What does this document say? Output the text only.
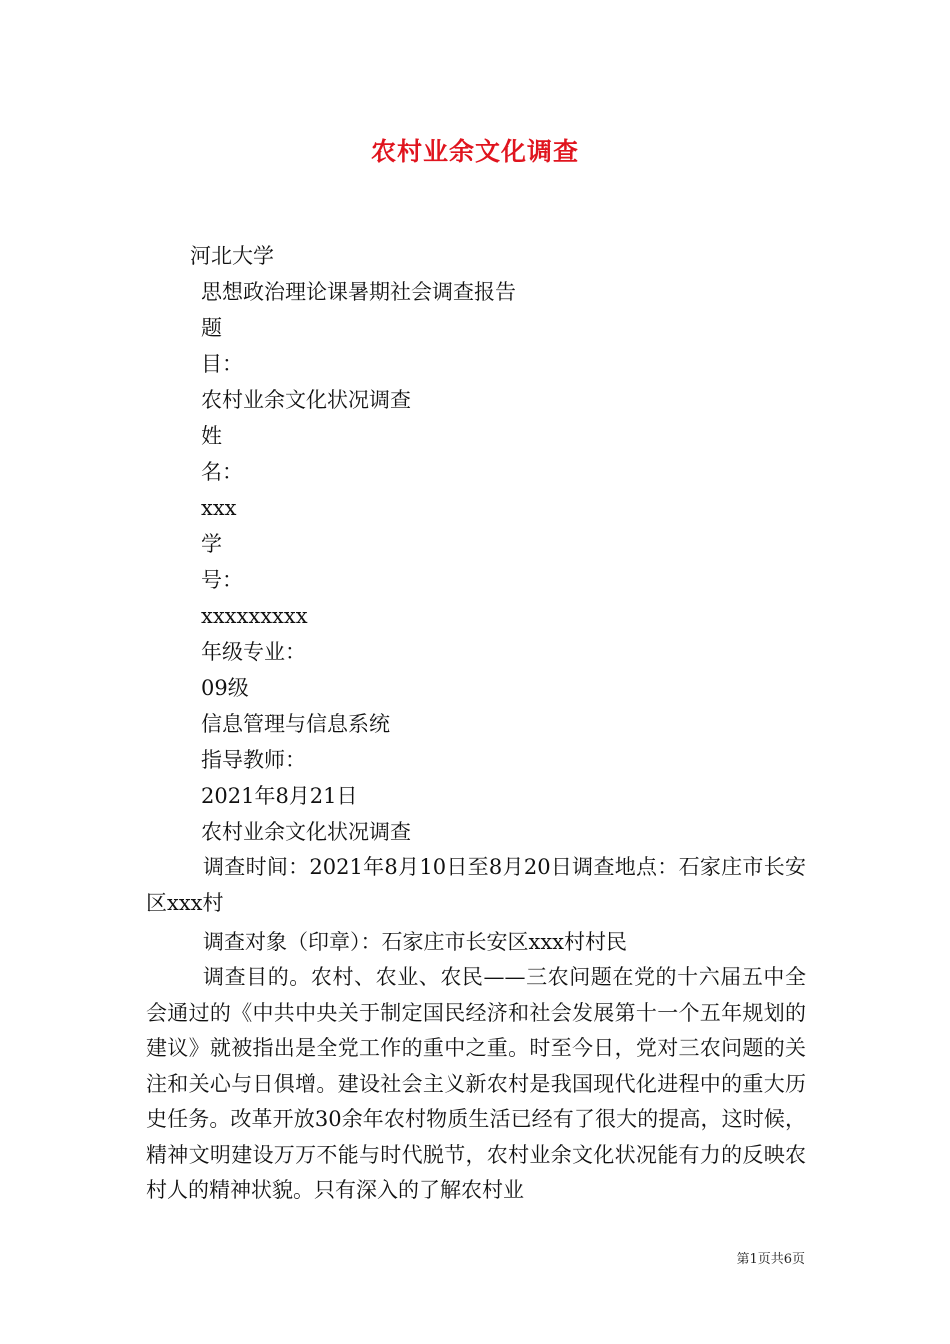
农村业余文化调查
河北大学
思想政治理论课暑期社会调查报告
题
目：
农村业余文化状况调查
姓
名：
xxx
学
号：
xxxxxxxxx
年级专业：
09级
信息管理与信息系统
指导教师：
2021年8月21日
农村业余文化状况调查
调查时间：2021年8月10日至8月20日调查地点：石家庄市长安区xxx村
调查对象（印章）：石家庄市长安区xxx村村民
调查目的。农村、农业、农民——三农问题在党的十六届五中全会通过的《中共中央关于制定国民经济和社会发展第十一个五年规划的建议》就被指出是全党工作的重中之重。时至今日，党对三农问题的关注和关心与日俱增。建设社会主义新农村是我国现代化进程中的重大历史任务。改革开放30余年农村物质生活已经有了很大的提高，这时候，精神文明建设万万不能与时代脱节，农村业余文化状况能有力的反映农村人的精神状貌。只有深入的了解农村业
第1页共6页
